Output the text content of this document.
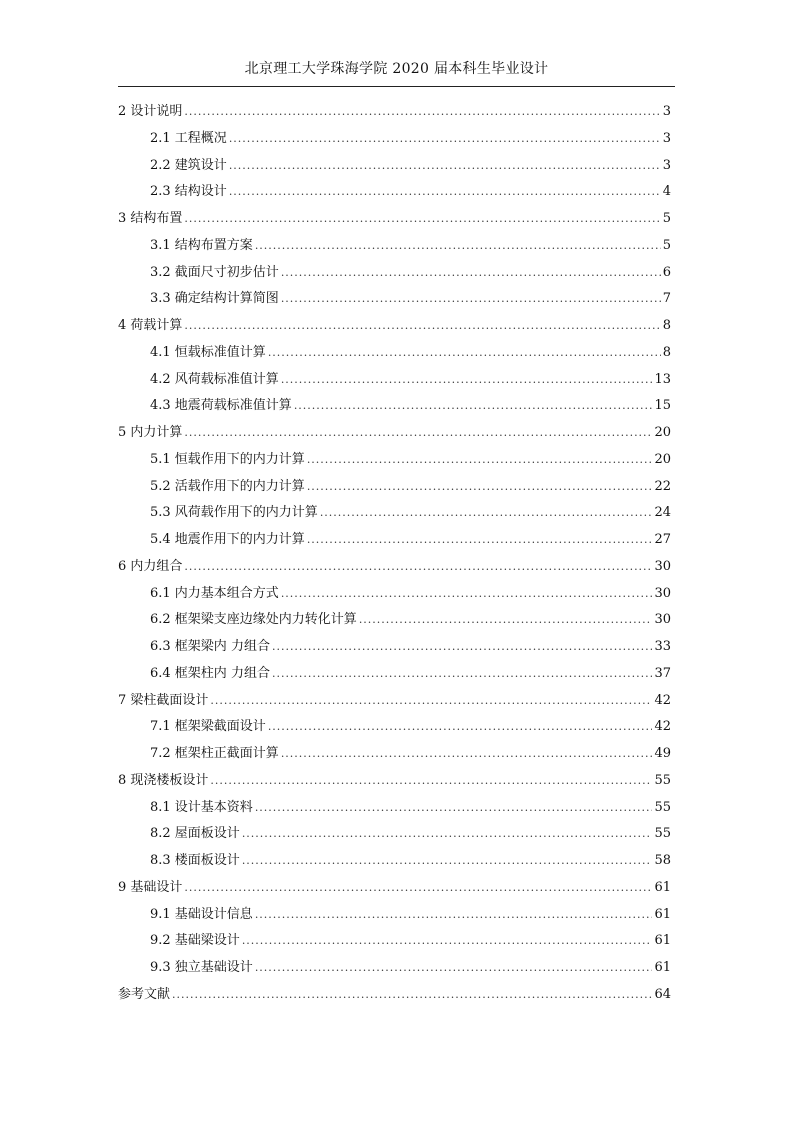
北京理工大学珠海学院 2020 届本科生毕业设计
2 设计说明 .....	3
2.1 工程概况 .....	3
2.2 建筑设计 .....	3
2.3 结构设计 .....	4
3 结构布置 .....	5
3.1 结构布置方案 .....	5
3.2 截面尺寸初步估计 .....	6
3.3 确定结构计算简图 .....	7
4 荷载计算 .....	8
4.1 恒载标准值计算 .....	8
4.2 风荷载标准值计算 .....	13
4.3 地震荷载标准值计算 .....	15
5 内力计算 .....	20
5.1 恒载作用下的内力计算 .....	20
5.2 活载作用下的内力计算 .....	22
5.3 风荷载作用下的内力计算 .....	24
5.4 地震作用下的内力计算 .....	27
6 内力组合 .....	30
6.1 内力基本组合方式 .....	30
6.2 框架梁支座边缘处内力转化计算 .....	30
6.3 框架梁内 力组合 .....	33
6.4 框架柱内 力组合 .....	37
7 梁柱截面设计 .....	42
7.1 框架梁截面设计 .....	42
7.2 框架柱正截面计算 .....	49
8 现浇楼板设计 .....	55
8.1 设计基本资料 .....	55
8.2 屋面板设计 .....	55
8.3 楼面板设计 .....	58
9 基础设计 .....	61
9.1 基础设计信息 .....	61
9.2 基础梁设计 .....	61
9.3 独立基础设计 .....	61
参考文献 .....	64
